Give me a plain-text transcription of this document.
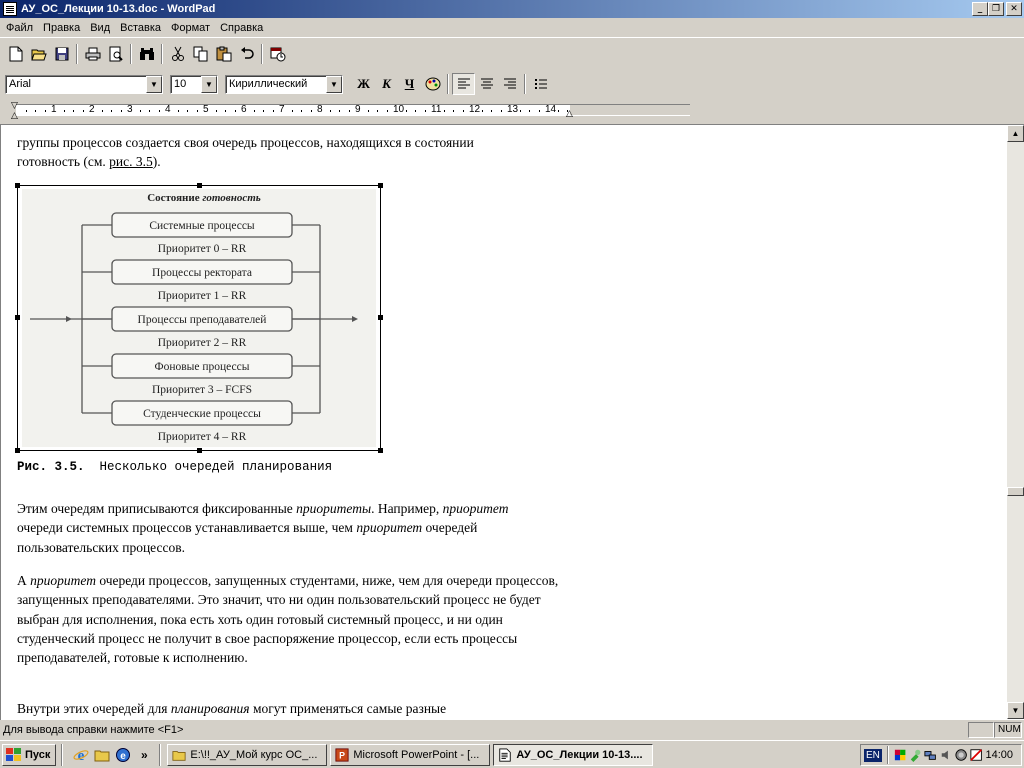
АУ_ОС_Лекции 10-13.doc - WordPad	_	❐	✕
Файл Правка Вид Вставка Формат Справка
Arial	▼	10	▼	Кириллический	▼	Ж К	Ч
1	2	3	4	5	6	7	8	9	10	11	12	13	14
▽
△	△

группы процессов создается своя очередь процессов, находящихся в состоянии

готовность (см. рис. 3.5).

Состояние готовность
Системные процессы
Приоритет 0 – RR
Процессы ректората
Приоритет 1 – RR
Процессы преподавателей
Приоритет 2 – RR
Фоновые процессы
Приоритет 3 – FCFS
Студенческие процессы
Приоритет 4 – RR
Рис. 3.5. Несколько очередей планирования

Этим очередям приписываются фиксированные приоритеты. Например, приоритет очереди системных процессов устанавливается выше, чем приоритет очередей пользовательских процессов.

А приоритет очереди процессов, запущенных студентами, ниже, чем для очереди процессов, запущенных преподавателями. Это значит, что ни один пользовательский процесс не будет выбран для исполнения, пока есть хоть один готовый системный процесс, и ни один студенческий процесс не получит в свое распоряжение процессор, если есть процессы преподавателей, готовые к исполнению.

Внутри этих очередей для планирования могут применяться самые разные

▲
▼
Для вывода справки нажмите <F1>	NUM
Пуск e	e	»	E:\!!_АУ_Мой курс ОС_... P Microsoft PowerPoint - [...	АУ_ОС_Лекции 10-13....	EN	14:00
